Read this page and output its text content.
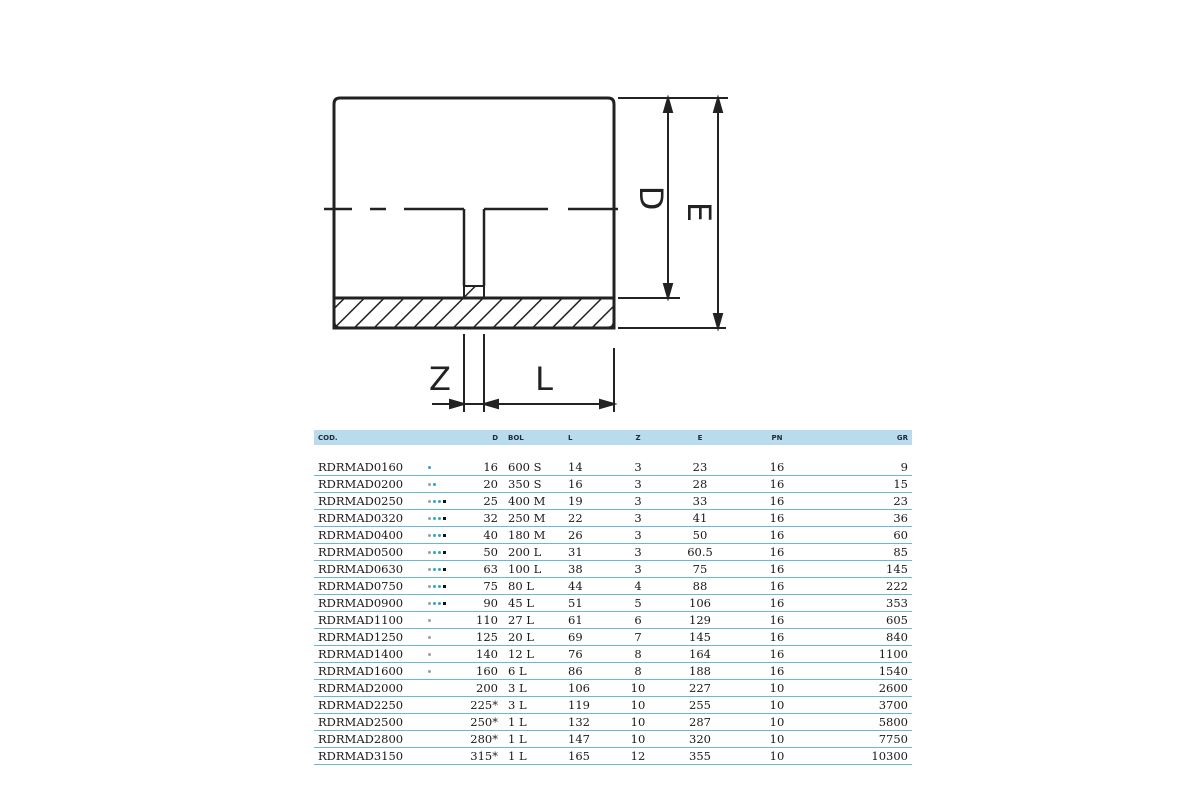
D
E
Z	L
COD.		D	BOL	L	Z	E	PN	GR

RDRMAD0160		16	600 S	14	3	23	16	9
RDRMAD0200		20	350 S	16	3	28	16	15
RDRMAD0250		25	400 M	19	3	33	16	23
RDRMAD0320		32	250 M	22	3	41	16	36
RDRMAD0400		40	180 M	26	3	50	16	60
RDRMAD0500		50	200 L	31	3	60.5	16	85
RDRMAD0630		63	100 L	38	3	75	16	145
RDRMAD0750		75	80 L	44	4	88	16	222
RDRMAD0900		90	45 L	51	5	106	16	353
RDRMAD1100		110	27 L	61	6	129	16	605
RDRMAD1250		125	20 L	69	7	145	16	840
RDRMAD1400		140	12 L	76	8	164	16	1100
RDRMAD1600		160	6 L	86	8	188	16	1540
RDRMAD2000		200	3 L	106	10	227	10	2600
RDRMAD2250		225*	3 L	119	10	255	10	3700
RDRMAD2500		250*	1 L	132	10	287	10	5800
RDRMAD2800		280*	1 L	147	10	320	10	7750
RDRMAD3150		315*	1 L	165	12	355	10	10300
